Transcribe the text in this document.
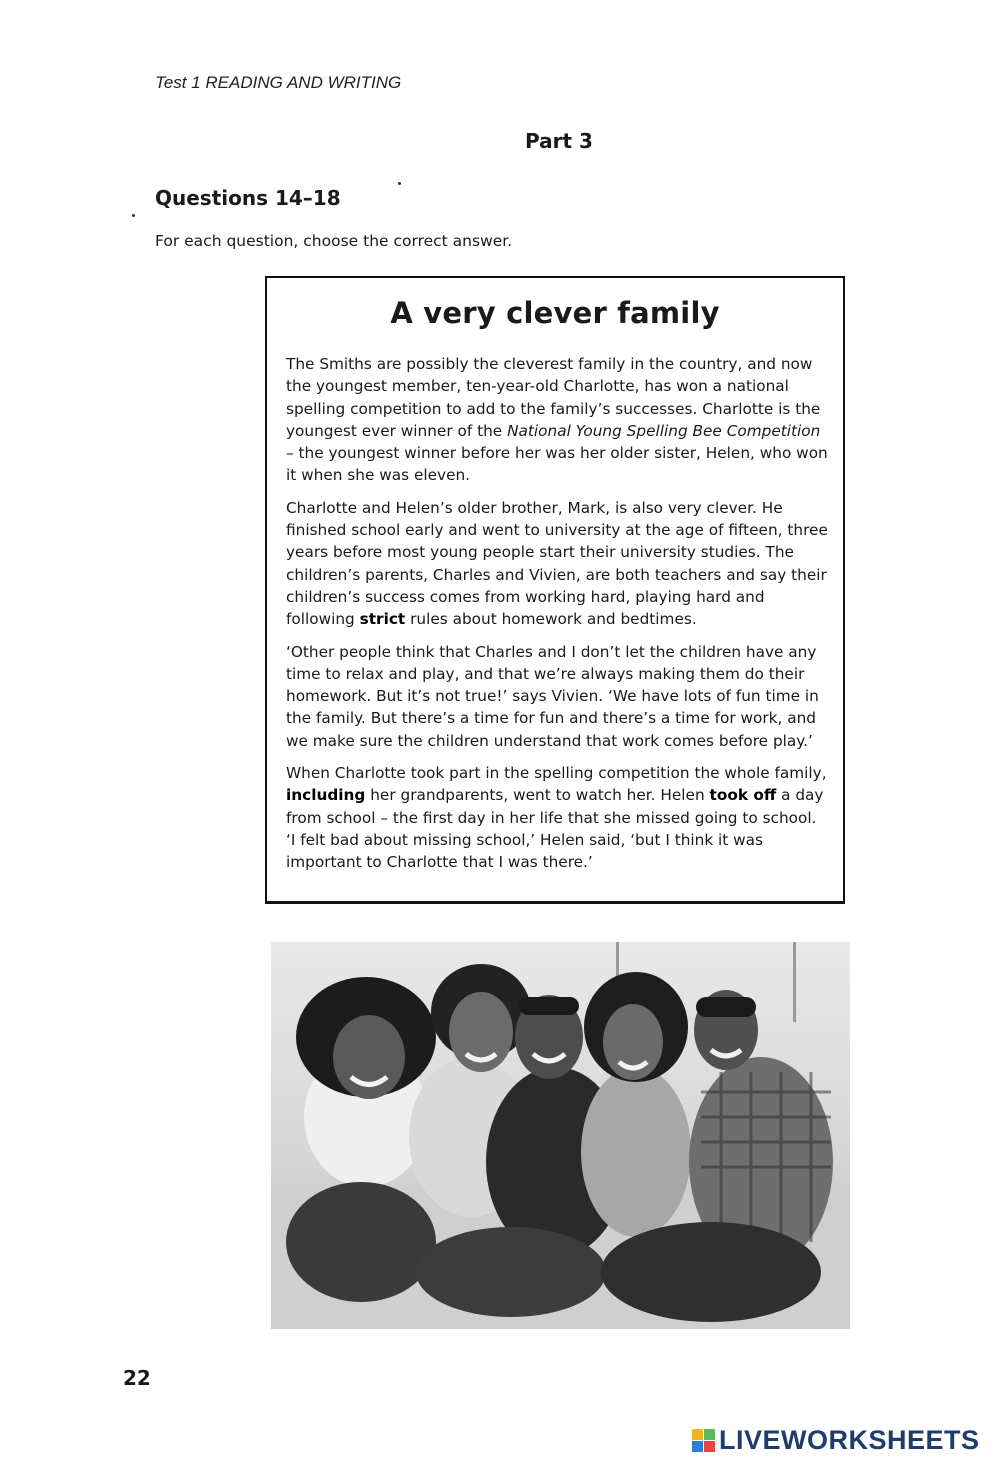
Test 1 READING AND WRITING
Part 3
Questions 14–18
For each question, choose the correct answer.
A very clever family

The Smiths are possibly the cleverest family in the country, and now the youngest member, ten-year-old Charlotte, has won a national spelling competition to add to the family’s successes. Charlotte is the youngest ever winner of the National Young Spelling Bee Competition – the youngest winner before her was her older sister, Helen, who won it when she was eleven.

Charlotte and Helen’s older brother, Mark, is also very clever. He finished school early and went to university at the age of fifteen, three years before most young people start their university studies. The children’s parents, Charles and Vivien, are both teachers and say their children’s success comes from working hard, playing hard and following strict rules about homework and bedtimes.

‘Other people think that Charles and I don’t let the children have any time to relax and play, and that we’re always making them do their homework. But it’s not true!’ says Vivien. ‘We have lots of fun time in the family. But there’s a time for fun and there’s a time for work, and we make sure the children understand that work comes before play.’

When Charlotte took part in the spelling competition the whole family, including her grandparents, went to watch her. Helen took off a day from school – the first day in her life that she missed going to school. ‘I felt bad about missing school,’ Helen said, ‘but I think it was important to Charlotte that I was there.’

22
LIVEWORKSHEETS
